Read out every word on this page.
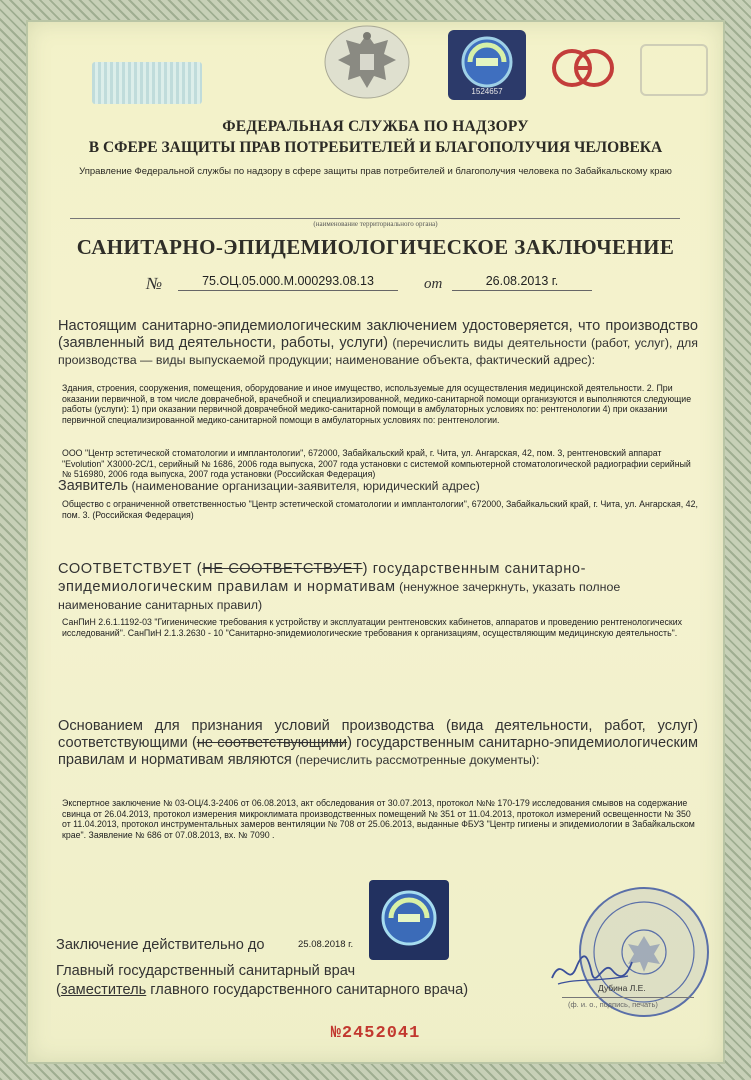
1524657
ФЕДЕРАЛЬНАЯ СЛУЖБА ПО НАДЗОРУ
В СФЕРЕ ЗАЩИТЫ ПРАВ ПОТРЕБИТЕЛЕЙ И БЛАГОПОЛУЧИЯ ЧЕЛОВЕКА
Управление Федеральной службы по надзору в сфере защиты прав потребителей и благополучия человека по Забайкальскому краю
(наименование территориального органа)
САНИТАРНО-ЭПИДЕМИОЛОГИЧЕСКОЕ ЗАКЛЮЧЕНИЕ
№	75.ОЦ.05.000.М.000293.08.13	от	26.08.2013 г.
Настоящим санитарно-эпидемиологическим заключением удостоверяется, что производство (заявленный вид деятельности, работы, услуги) (перечислить виды деятельности (работ, услуг), для производства — виды выпускаемой продукции; наименование объекта, фактический адрес):
Здания, строения, сооружения, помещения, оборудование и иное имущество, используемые для осуществления медицинской деятельности. 2. При оказании первичной, в том числе доврачебной, врачебной и специализированной, медико-санитарной помощи организуются и выполняются следующие работы (услуги): 1) при оказании первичной доврачебной медико-санитарной помощи в амбулаторных условиях по: рентгенологии 4) при оказании первичной специализированной медико-санитарной помощи в амбулаторных условиях по: рентгенологии.
ООО "Центр эстетической стоматологии и имплантологии", 672000, Забайкальский край, г. Чита, ул. Ангарская, 42, пом. 3, рентгеновский аппарат "Evolution" X3000-2C/1, серийный № 1686, 2006 года выпуска, 2007 года установки с системой компьютерной стоматологической радиографии серийный № 516980, 2006 года выпуска, 2007 года установки (Российская Федерация)
Заявитель (наименование организации-заявителя, юридический адрес)
Общество с ограниченной ответственностью "Центр эстетической стоматологии и имплантологии", 672000, Забайкальский край, г. Чита, ул. Ангарская, 42, пом. 3. (Российская Федерация)
СООТВЕТСТВУЕТ (НЕ СООТВЕТСТВУЕТ) государственным санитарно-эпидемиологическим правилам и нормативам (ненужное зачеркнуть, указать полное наименование санитарных правил)
СанПиН 2.6.1.1192-03 "Гигиенические требования к устройству и эксплуатации рентгеновских кабинетов, аппаратов и проведению рентгенологических исследований". СанПиН 2.1.3.2630 - 10 "Санитарно-эпидемиологические требования к организациям, осуществляющим медицинскую деятельность".
Основанием для признания условий производства (вида деятельности, работ, услуг) соответствующими (не соответствующими) государственным санитарно-эпидемиологическим правилам и нормативам являются (перечислить рассмотренные документы):
Экспертное заключение № 03-ОЦ/4.3-2406 от 06.08.2013, акт обследования от 30.07.2013, протокол №№ 170-179 исследования смывов на содержание свинца от 26.04.2013, протокол измерения микроклимата производственных помещений № 351 от 11.04.2013, протокол измерений освещенности № 350 от 11.04.2013, протокол инструментальных замеров вентиляции № 708 от 25.06.2013, выданные ФБУЗ "Центр гигиены и эпидемиологии в Забайкальском крае". Заявление № 686 от 07.08.2013, вх. № 7090 .
Заключение действительно до	25.08.2018 г.
Главный государственный санитарный врач
(заместитель главного государственного санитарного врача)	Дубина Л.Е.
(ф. и. о., подпись, печать)
№2452041
